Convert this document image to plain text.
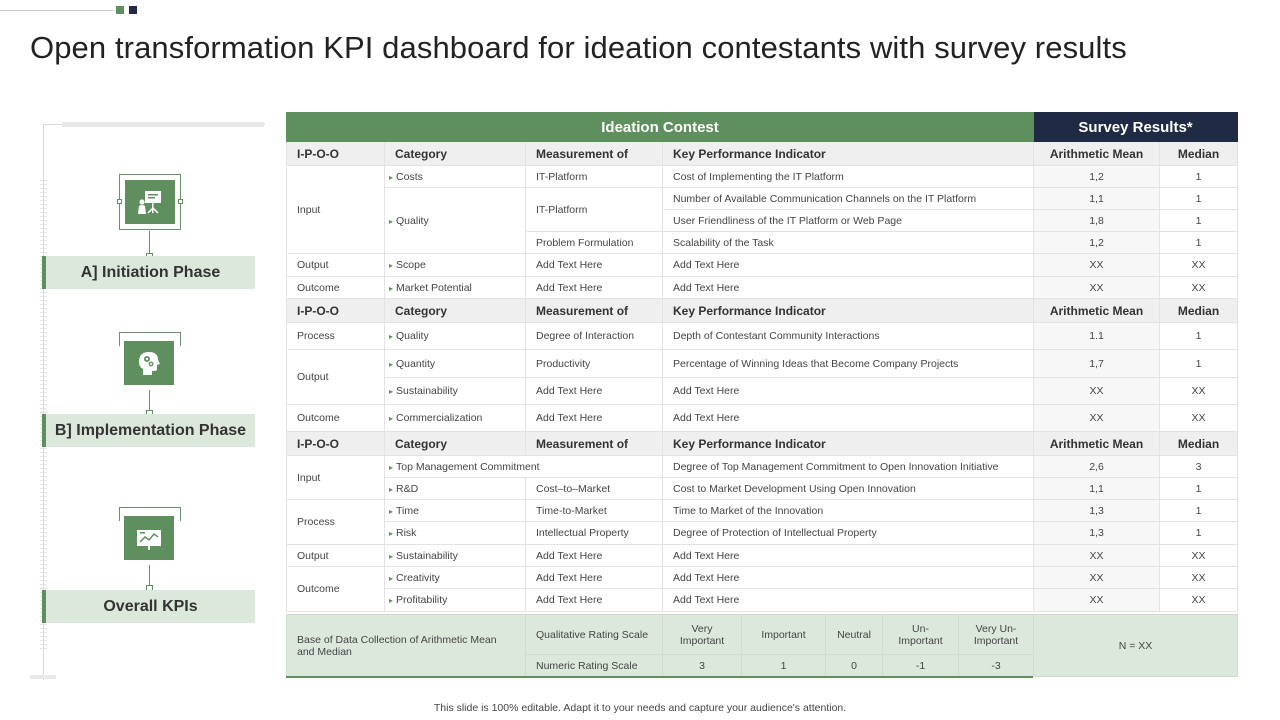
Open transformation KPI dashboard for ideation contestants with survey results
A] Initiation Phase
B] Implementation Phase
Overall KPIs
Ideation Contest				Survey Results*	
I-P-O-O	Category	Measurement of	Key Performance Indicator	Arithmetic Mean	Median
Input	▸ Costs	IT-Platform	Cost of Implementing the IT Platform	1,2	1
	▸ Quality	IT-Platform	Number of Available Communication Channels on the IT Platform	1,1	1
			User Friendliness of the IT Platform or Web Page	1,8	1
		Problem Formulation	Scalability of the Task	1,2	1
Output	▸ Scope	Add Text Here	Add Text Here	XX	XX
Outcome	▸ Market Potential	Add Text Here	Add Text Here	XX	XX
I-P-O-O	Category	Measurement of	Key Performance Indicator	Arithmetic Mean	Median
Process	▸ Quality	Degree of Interaction	Depth of Contestant Community Interactions	1.1	1
Output	▸ Quantity	Productivity	Percentage of Winning Ideas that Become Company Projects	1,7	1
	▸ Sustainability	Add Text Here	Add Text Here	XX	XX
Outcome	▸ Commercialization	Add Text Here	Add Text Here	XX	XX
I-P-O-O	Category	Measurement of	Key Performance Indicator	Arithmetic Mean	Median
Input	▸ Top Management Commitment		Degree of Top Management Commitment to Open Innovation Initiative	2,6	3
	▸ R&D	Cost–to–Market	Cost to Market Development Using Open Innovation	1,1	1
Process	▸ Time	Time-to-Market	Time to Market of the Innovation	1,3	1
	▸ Risk	Intellectual Property	Degree of Protection of Intellectual Property	1,3	1
Output	▸ Sustainability	Add Text Here	Add Text Here	XX	XX
Outcome	▸ Creativity	Add Text Here	Add Text Here	XX	XX
	▸ Profitability	Add Text Here	Add Text Here	XX	XX
Base of Data Collection of Arithmetic Mean and Median	Qualitative Rating Scale	Very Important	Important	Neutral	Un-Important	Very Un-Important	N = XX
	Numeric Rating Scale	3	1	0	-1	-3	
This slide is 100% editable. Adapt it to your needs and capture your audience's attention.
